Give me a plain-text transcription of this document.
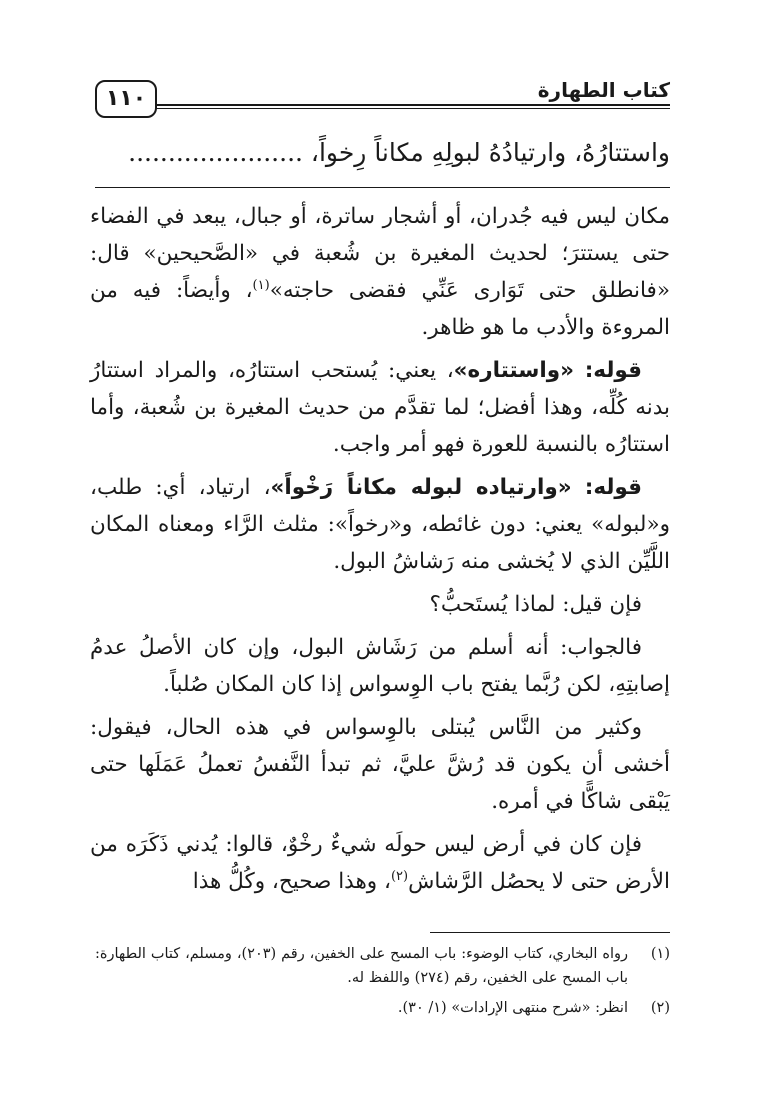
١١٠	كتاب الطهارة
واستتارُهُ، وارتيادُهُ لبولِهِ مكاناً رِخواً، ......................

مكان ليس فيه جُدران، أو أشجار ساترة، أو جبال، يبعد في الفضاء حتى يستترَ؛ لحديث المغيرة بن شُعبة في «الصَّحيحين» قال: «فانطلق حتى تَوَارى عَنِّي فقضى حاجته»$^{(١)}$، وأيضاً: فيه من المروءة والأدب ما هو ظاهر.

قوله: «واستتاره»، يعني: يُستحب استتارُه، والمراد استتارُ بدنه كُلِّه، وهذا أفضل؛ لما تقدَّم من حديث المغيرة بن شُعبة، وأما استتارُه بالنسبة للعورة فهو أمر واجب.

قوله: «وارتياده لبوله مكاناً رَخْواً»، ارتياد، أي: طلب، و«لبوله» يعني: دون غائطه، و«رخواً»: مثلث الرَّاء ومعناه المكان اللَّيِّن الذي لا يُخشى منه رَشاشُ البول.

فإن قيل: لماذا يُستَحبُّ؟

فالجواب: أنه أسلم من رَشَاش البول، وإن كان الأصلُ عدمُ إصابتِهِ، لكن رُبَّما يفتح باب الوِسواس إذا كان المكان صُلباً.

وكثير من النَّاس يُبتلى بالوِسواس في هذه الحال، فيقول: أخشى أن يكون قد رُشَّ عليَّ، ثم تبدأ النَّفسُ تعملُ عَمَلَها حتى يَبْقى شاكًّا في أمره.

فإن كان في أرض ليس حولَه شيءٌ رخْوٌ، قالوا: يُدني ذَكَرَه من الأرض حتى لا يحصُل الرَّشاش$^{(٢)}$، وهذا صحيح، وكُلُّ هذا

(١)
رواه البخاري، كتاب الوضوء: باب المسح على الخفين، رقم (٢٠٣)، ومسلم، كتاب الطهارة: باب المسح على الخفين، رقم (٢٧٤) واللفظ له.
(٢)
انظر: «شرح منتهى الإرادات» (١/ ٣٠).
